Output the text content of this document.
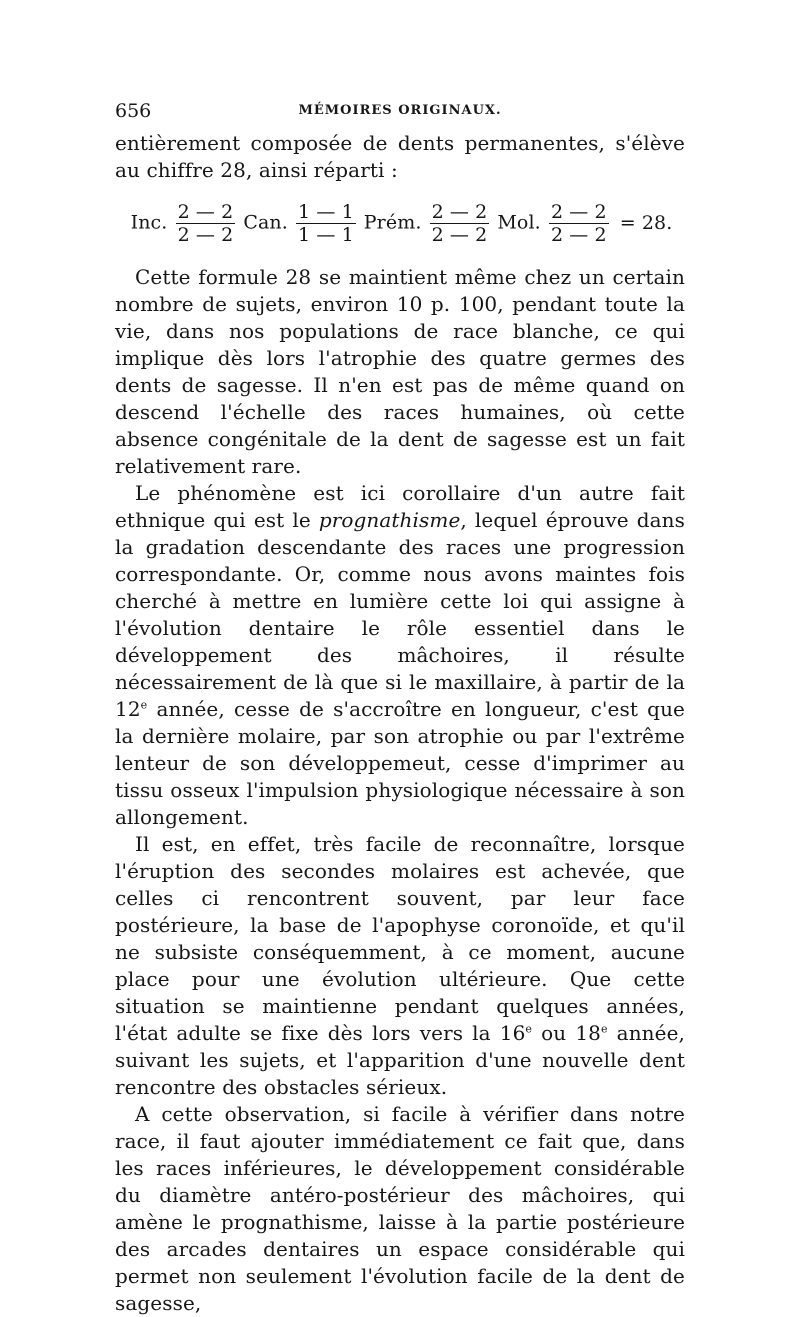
656	MÉMOIRES ORIGINAUX.

entièrement composée de dents permanentes, s'élève au chiffre 28, ainsi réparti :

Inc. $\frac{2 — 2}{2 — 2}$ Can. $\frac{1 — 1}{1 — 1}$ Prém. $\frac{2 — 2}{2 — 2}$ Mol. $\frac{2 — 2}{2 — 2} = 28$.

Cette formule 28 se maintient même chez un certain nombre de sujets, environ 10 p. 100, pendant toute la vie, dans nos populations de race blanche, ce qui implique dès lors l'atrophie des quatre germes des dents de sagesse. Il n'en est pas de même quand on descend l'échelle des races humaines, où cette absence congénitale de la dent de sagesse est un fait relativement rare.

Le phénomène est ici corollaire d'un autre fait ethnique qui est le prognathisme, lequel éprouve dans la gradation descendante des races une progression correspondante. Or, comme nous avons maintes fois cherché à mettre en lumière cette loi qui assigne à l'évolution dentaire le rôle essentiel dans le développement des mâchoires, il résulte nécessairement de là que si le maxillaire, à partir de la 12e année, cesse de s'accroître en longueur, c'est que la dernière molaire, par son atrophie ou par l'extrême lenteur de son développemeut, cesse d'imprimer au tissu osseux l'impulsion physiologique nécessaire à son allongement.

Il est, en effet, très facile de reconnaître, lorsque l'éruption des secondes molaires est achevée, que celles ci rencontrent souvent, par leur face postérieure, la base de l'apophyse coronoïde, et qu'il ne subsiste conséquemment, à ce moment, aucune place pour une évolution ultérieure. Que cette situation se maintienne pendant quelques années, l'état adulte se fixe dès lors vers la 16e ou 18e année, suivant les sujets, et l'apparition d'une nouvelle dent rencontre des obstacles sérieux.

A cette observation, si facile à vérifier dans notre race, il faut ajouter immédiatement ce fait que, dans les races inférieures, le développement considérable du diamètre antéro-postérieur des mâchoires, qui amène le prognathisme, laisse à la partie postérieure des arcades dentaires un espace considérable qui permet non seulement l'évolution facile de la dent de sagesse,
